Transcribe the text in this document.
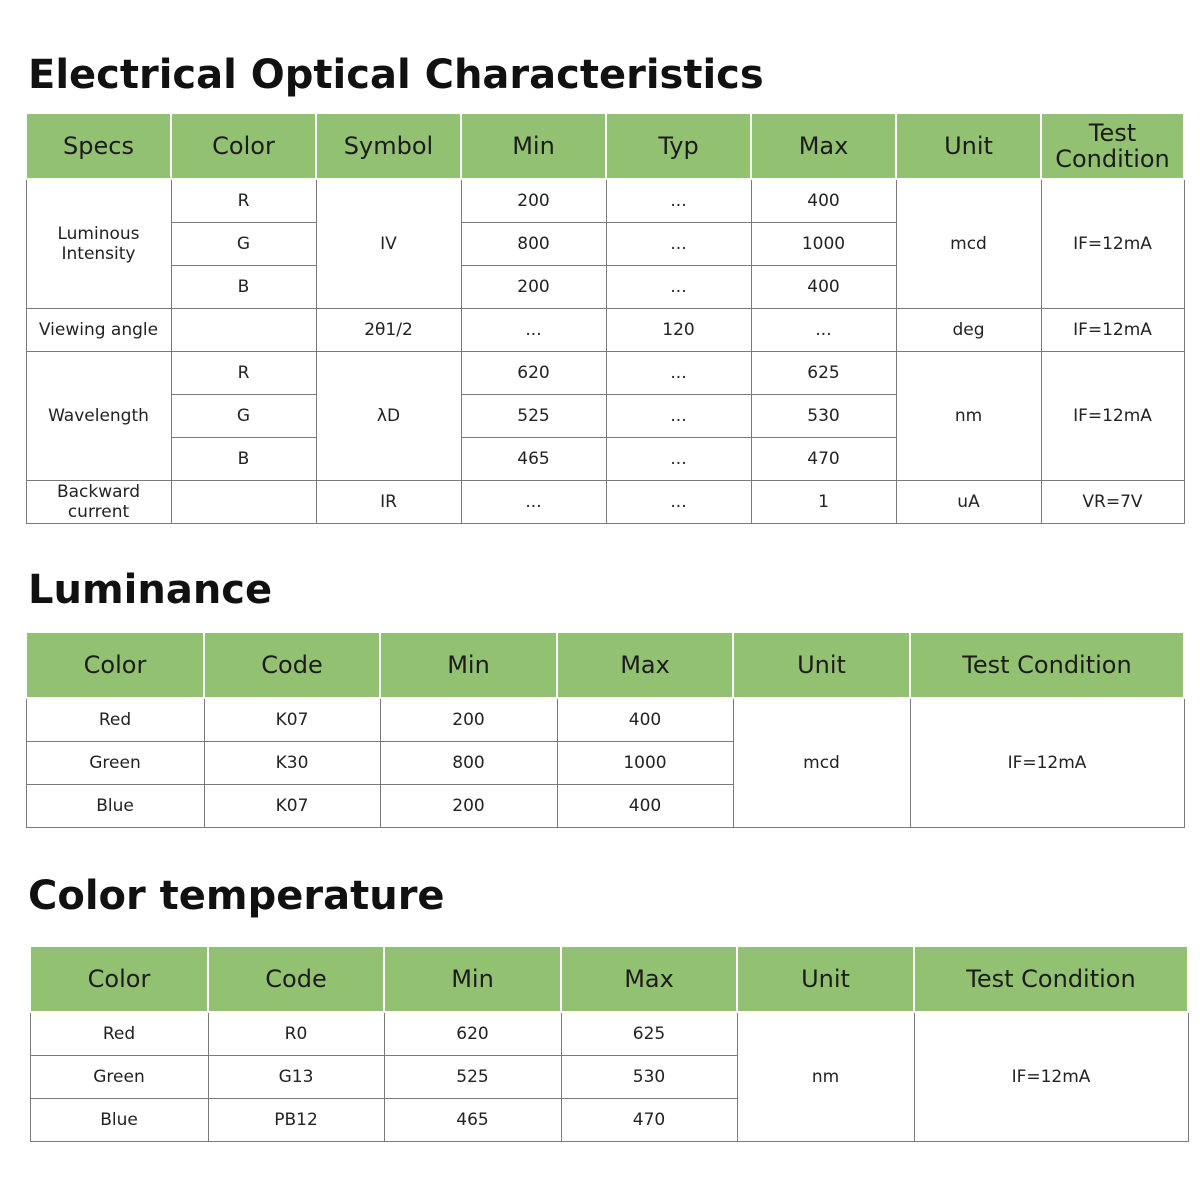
Electrical Optical Characteristics
Specs	Color	Symbol	Min	Typ	Max	Unit	Test
Condition
Luminous
Intensity	R	IV	200	...	400	mcd	IF=12mA
	G		800	...	1000		
	B		200	...	400		
Viewing angle		2θ1/2	...	120	...	deg	IF=12mA
Wavelength	R	λD	620	...	625	nm	IF=12mA
	G		525	...	530		
	B		465	...	470		
Backward
current		IR	...	...	1	uA	VR=7V
Luminance
Color	Code	Min	Max	Unit	Test Condition
Red	K07	200	400	mcd	IF=12mA
Green	K30	800	1000		
Blue	K07	200	400		
Color temperature
Color	Code	Min	Max	Unit	Test Condition
Red	R0	620	625	nm	IF=12mA
Green	G13	525	530		
Blue	PB12	465	470		
